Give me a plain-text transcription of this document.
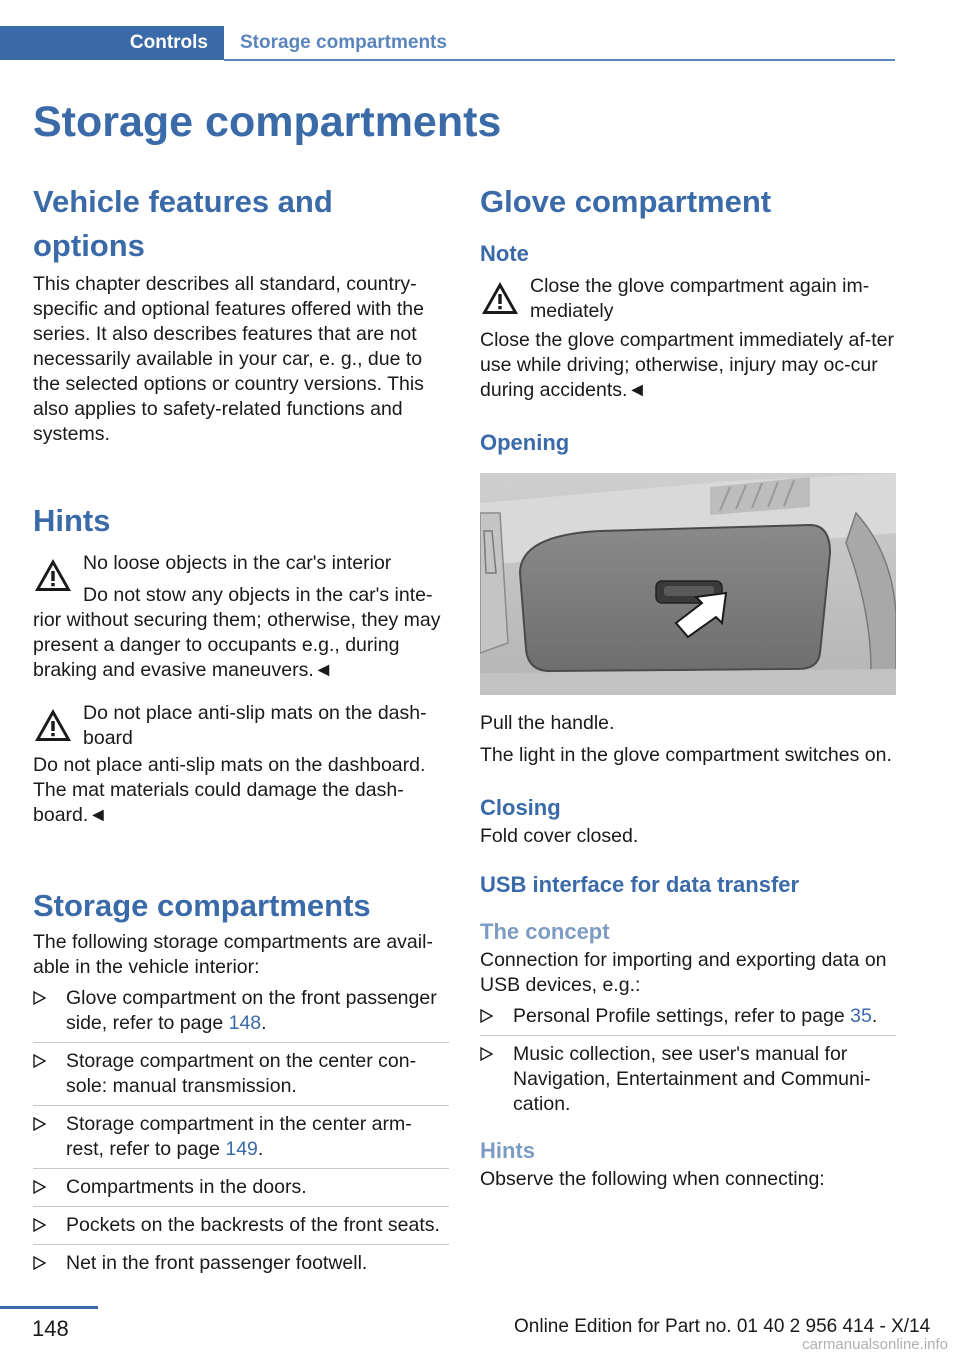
Controls	Storage compartments
Storage compartments
Vehicle features and options

This chapter describes all standard, country-specific and optional features offered with the series. It also describes features that are not necessarily available in your car, e. g., due to the selected options or country versions. This also applies to safety-related functions and systems.

Hints

No loose objects in the car's interior

Do not stow any objects in the car's inte-

rior without securing them; otherwise, they may present a danger to occupants e.g., during braking and evasive maneuvers.◄

Do not place anti-slip mats on the dash-board

Do not place anti-slip mats on the dashboard. The mat materials could damage the dash-board.◄

Storage compartments

The following storage compartments are avail-able in the vehicle interior:

Glove compartment on the front passenger side, refer to page 148.
Storage compartment on the center con-sole: manual transmission.
Storage compartment in the center arm-rest, refer to page 149.
Compartments in the doors.
Pockets on the backrests of the front seats.
Net in the front passenger footwell.
Glove compartment
Note

Close the glove compartment again im-mediately

Close the glove compartment immediately af-ter use while driving; otherwise, injury may oc-cur during accidents.◄

Opening

Pull the handle.

The light in the glove compartment switches on.

Closing

Fold cover closed.

USB interface for data transfer
The concept

Connection for importing and exporting data on USB devices, e.g.:

Personal Profile settings, refer to page 35.
Music collection, see user's manual for Navigation, Entertainment and Communi-cation.
Hints

Observe the following when connecting:

148	Online Edition for Part no. 01 40 2 956 414 - X/14
carmanualsonline.info
